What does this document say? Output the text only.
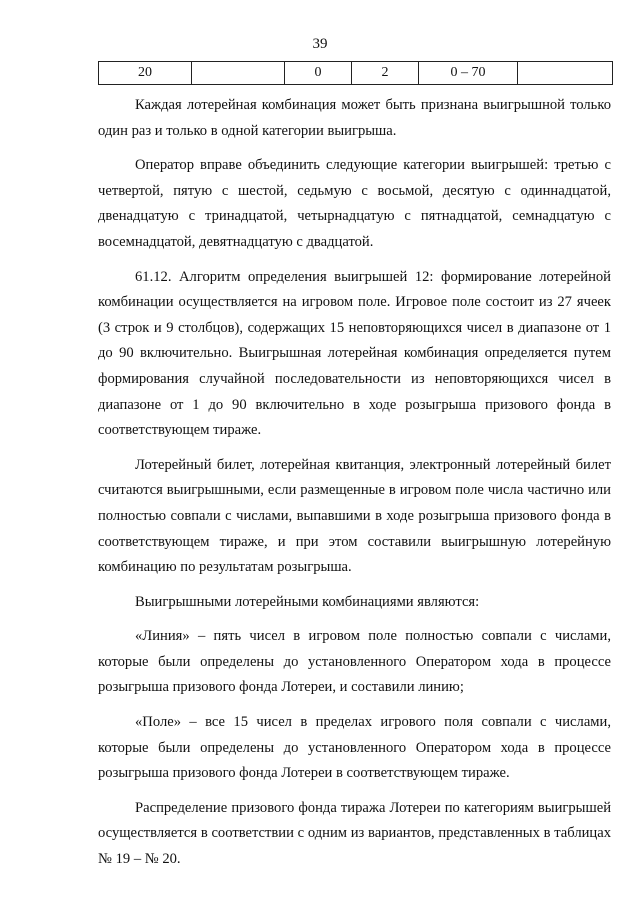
39
20		0	2	0 – 70	

Каждая лотерейная комбинация может быть признана выигрышной только один раз и только в одной категории выигрыша.

Оператор вправе объединить следующие категории выигрышей: третью с четвертой, пятую с шестой, седьмую с восьмой, десятую с одиннадцатой, двенадцатую с тринадцатой, четырнадцатую с пятнадцатой, семнадцатую с восемнадцатой, девятнадцатую с двадцатой.

61.12. Алгоритм определения выигрышей 12: формирование лотерейной комбинации осуществляется на игровом поле. Игровое поле состоит из 27 ячеек (3 строк и 9 столбцов), содержащих 15 неповторяющихся чисел в диапазоне от 1 до 90 включительно. Выигрышная лотерейная комбинация определяется путем формирования случайной последовательности из неповторяющихся чисел в диапазоне от 1 до 90 включительно в ходе розыгрыша призового фонда в соответствующем тираже.

Лотерейный билет, лотерейная квитанция, электронный лотерейный билет считаются выигрышными, если размещенные в игровом поле числа частично или полностью совпали с числами, выпавшими в ходе розыгрыша призового фонда в соответствующем тираже, и при этом составили выигрышную лотерейную комбинацию по результатам розыгрыша.

Выигрышными лотерейными комбинациями являются:

«Линия» – пять чисел в игровом поле полностью совпали с числами, которые были определены до установленного Оператором хода в процессе розыгрыша призового фонда Лотереи, и составили линию;

«Поле» – все 15 чисел в пределах игрового поля совпали с числами, которые были определены до установленного Оператором хода в процессе розыгрыша призового фонда Лотереи в соответствующем тираже.

Распределение призового фонда тиража Лотереи по категориям выигрышей осуществляется в соответствии с одним из вариантов, представленных в таблицах № 19 – № 20.
